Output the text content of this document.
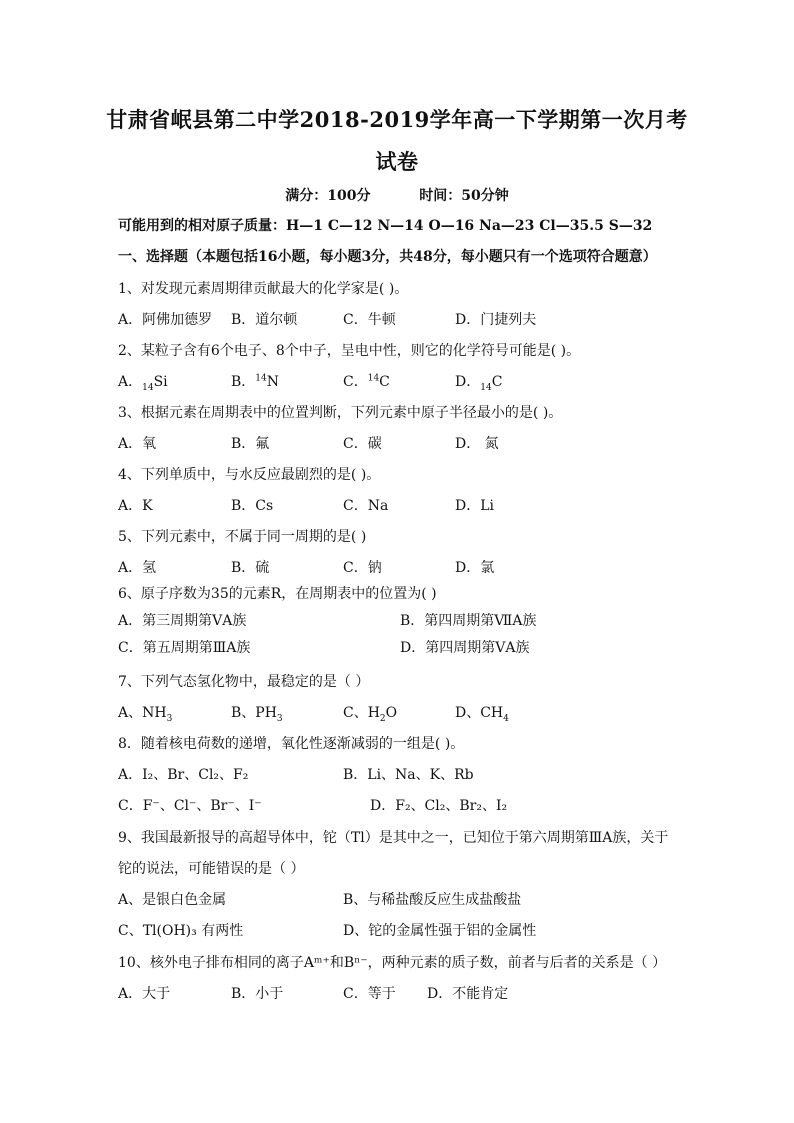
甘肃省岷县第二中学2018-2019学年高一下学期第一次月考
试卷
满分：100分	时间：50分钟
可能用到的相对原子质量：H—1 C—12 N—14 O—16 Na—23 Cl—35.5 S—32
一、选择题（本题包括16小题，每小题3分，共48分，每小题只有一个选项符合题意）
1、对发现元素周期律贡献最大的化学家是( )。
A．阿佛加德罗 B．道尔顿	C．牛顿	D．门捷列夫
2、某粒子含有6个电子、8个中子，呈电中性，则它的化学符号可能是( )。
A．$_{14}$Si	B．$^{14}$N	C．$^{14}$C	D．$_{14}$C
3、根据元素在周期表中的位置判断，下列元素中原子半径最小的是( )。
A．氧	B．氟	C．碳	D． 氮
4、下列单质中，与水反应最剧烈的是( )。
A．K	B．Cs	C．Na	D．Li
5、下列元素中，不属于同一周期的是( )
A．氢	B．硫	C．钠	D．氯
6、原子序数为35的元素R，在周期表中的位置为( )
A．第三周期第ⅤA族	B．第四周期第ⅦA族
C．第五周期第ⅢA族	D．第四周期第ⅤA族
7、下列气态氢化物中，最稳定的是（ ）
A、$NH_3$	B、$PH_3$	C、$H_2O$	D、$CH_4$
8．随着核电荷数的递增，氧化性逐渐减弱的一组是( )。
A．I₂、Br、Cl₂、F₂	B．Li、Na、K、Rb
C．F⁻、Cl⁻、Br⁻、I⁻	D．F₂、Cl₂、Br₂、I₂
9、我国最新报导的高超导体中，铊（Tl）是其中之一，已知位于第六周期第ⅢA族，关于
铊的说法，可能错误的是（ ）
A、是银白色金属	B、与稀盐酸反应生成盐酸盐
C、Tl(OH)₃ 有两性	D、铊的金属性强于铝的金属性
10、核外电子排布相同的离子Aᵐ⁺和Bⁿ⁻，两种元素的质子数，前者与后者的关系是（ ）
A．大于	B．小于	C．等于 D．不能肯定
